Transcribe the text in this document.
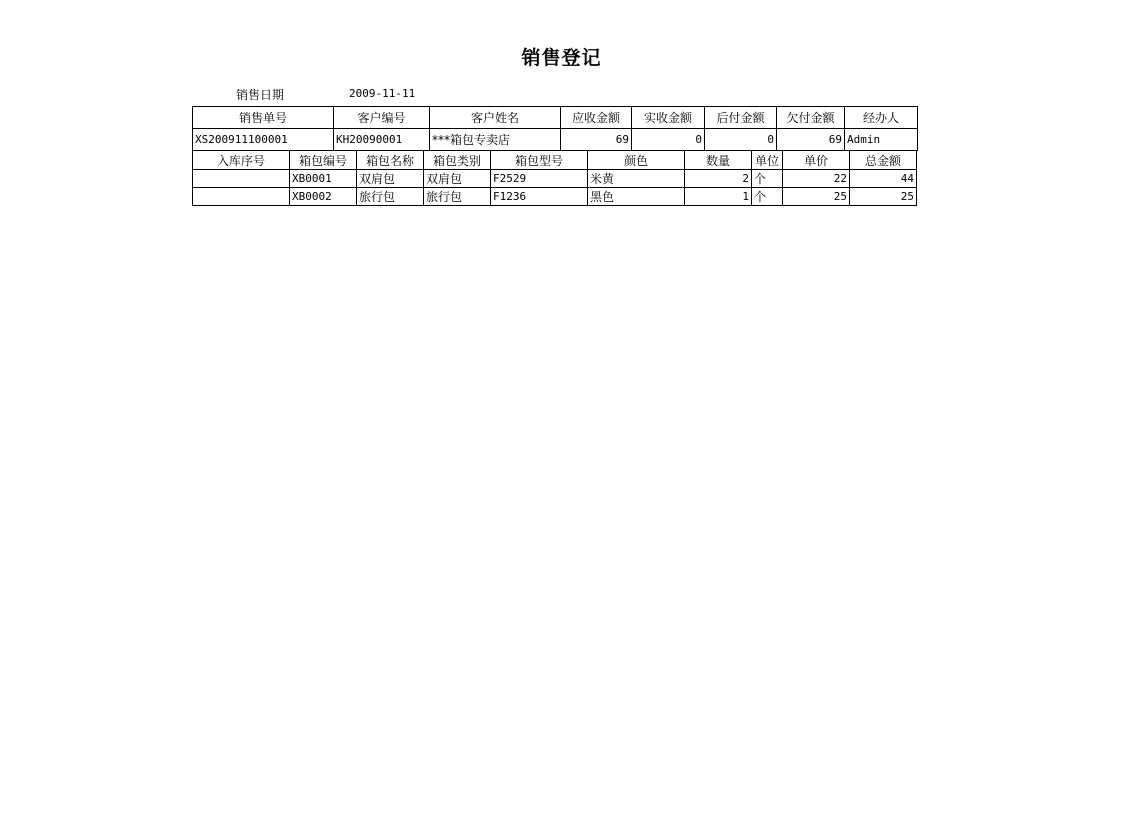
销售登记
销售日期	2009-11-11
销售单号	客户编号	客户姓名	应收金额	实收金额	后付金额	欠付金额	经办人
XS200911100001	KH20090001	***箱包专卖店	69	0	0	69	Admin
入库序号	箱包编号	箱包名称	箱包类别	箱包型号	颜色	数量	单位	单价	总金额
	XB0001	双肩包	双肩包	F2529	米黄	2	个	22	44
	XB0002	旅行包	旅行包	F1236	黑色	1	个	25	25
